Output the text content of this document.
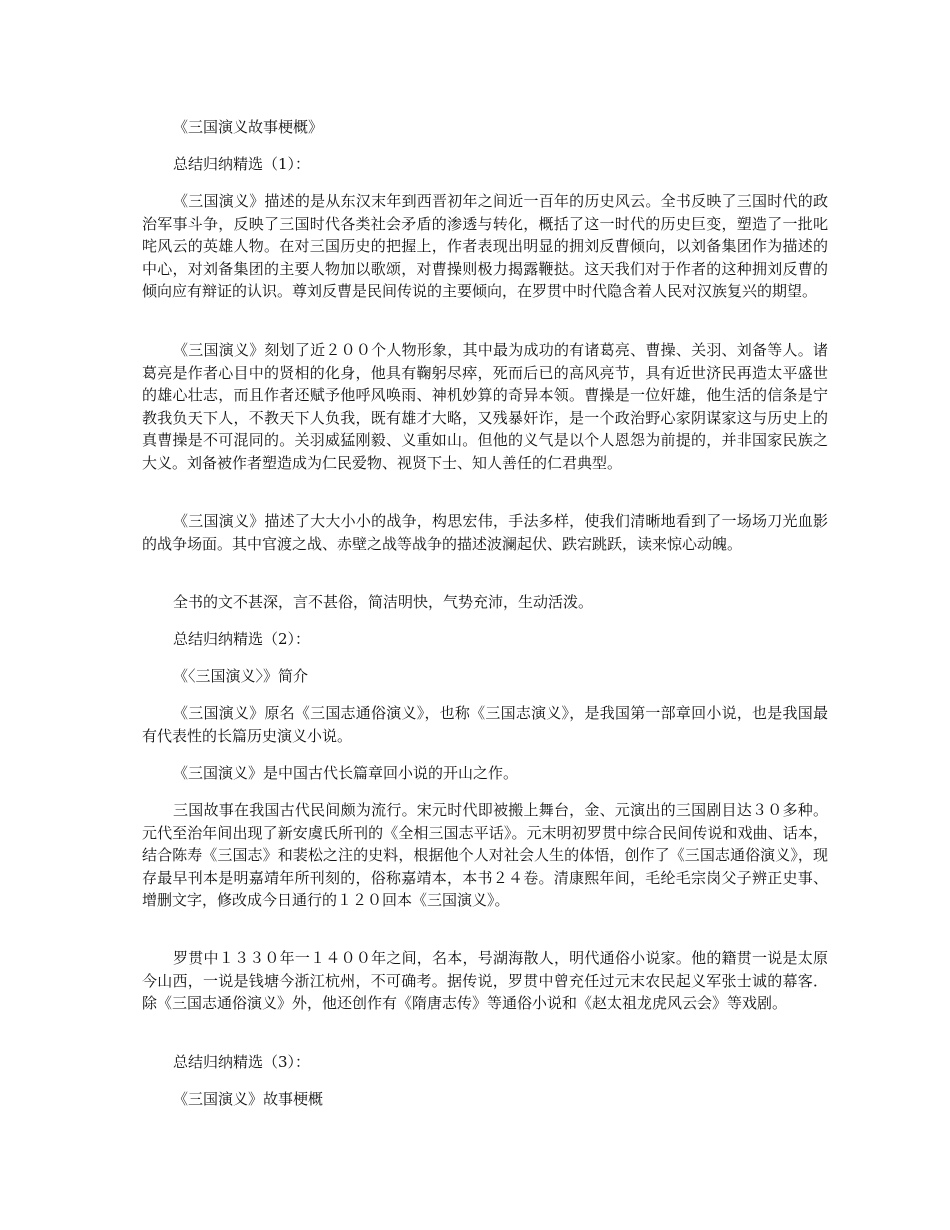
《三国演义故事梗概》

总结归纳精选（1）：

《三国演义》描述的是从东汉末年到西晋初年之间近一百年的历史风云。全书反映了三国时代的政治军事斗争，反映了三国时代各类社会矛盾的渗透与转化，概括了这一时代的历史巨变，塑造了一批叱咤风云的英雄人物。在对三国历史的把握上，作者表现出明显的拥刘反曹倾向，以刘备集团作为描述的中心，对刘备集团的主要人物加以歌颂，对曹操则极力揭露鞭挞。这天我们对于作者的这种拥刘反曹的倾向应有辩证的认识。尊刘反曹是民间传说的主要倾向，在罗贯中时代隐含着人民对汉族复兴的期望。

《三国演义》刻划了近２００个人物形象，其中最为成功的有诸葛亮、曹操、关羽、刘备等人。诸葛亮是作者心目中的贤相的化身，他具有鞠躬尽瘁，死而后已的高风亮节，具有近世济民再造太平盛世的雄心壮志，而且作者还赋予他呼风唤雨、神机妙算的奇异本领。曹操是一位奸雄，他生活的信条是宁教我负天下人，不教天下人负我，既有雄才大略，又残暴奸诈，是一个政治野心家阴谋家这与历史上的真曹操是不可混同的。关羽威猛刚毅、义重如山。但他的义气是以个人恩怨为前提的，并非国家民族之大义。刘备被作者塑造成为仁民爱物、视贤下士、知人善任的仁君典型。

《三国演义》描述了大大小小的战争，构思宏伟，手法多样，使我们清晰地看到了一场场刀光血影的战争场面。其中官渡之战、赤壁之战等战争的描述波澜起伏、跌宕跳跃，读来惊心动魄。

全书的文不甚深，言不甚俗，简洁明快，气势充沛，生动活泼。

总结归纳精选（2）：

《〈三国演义〉》简介

《三国演义》原名《三国志通俗演义》，也称《三国志演义》，是我国第一部章回小说，也是我国最有代表性的长篇历史演义小说。

《三国演义》是中国古代长篇章回小说的开山之作。

三国故事在我国古代民间颇为流行。宋元时代即被搬上舞台，金、元演出的三国剧目达３０多种。元代至治年间出现了新安虞氏所刊的《全相三国志平话》。元末明初罗贯中综合民间传说和戏曲、话本，结合陈寿《三国志》和裴松之注的史料，根据他个人对社会人生的体悟，创作了《三国志通俗演义》，现存最早刊本是明嘉靖年所刊刻的，俗称嘉靖本，本书２４卷。清康熙年间，毛纶毛宗岗父子辨正史事、增删文字，修改成今日通行的１２０回本《三国演义》。

罗贯中１３３０年一１４００年之间，名本，号湖海散人，明代通俗小说家。他的籍贯一说是太原今山西，一说是钱塘今浙江杭州，不可确考。据传说，罗贯中曾充任过元末农民起义军张士诚的幕客．除《三国志通俗演义》外，他还创作有《隋唐志传》等通俗小说和《赵太祖龙虎风云会》等戏剧。

总结归纳精选（3）：

《三国演义》故事梗概
